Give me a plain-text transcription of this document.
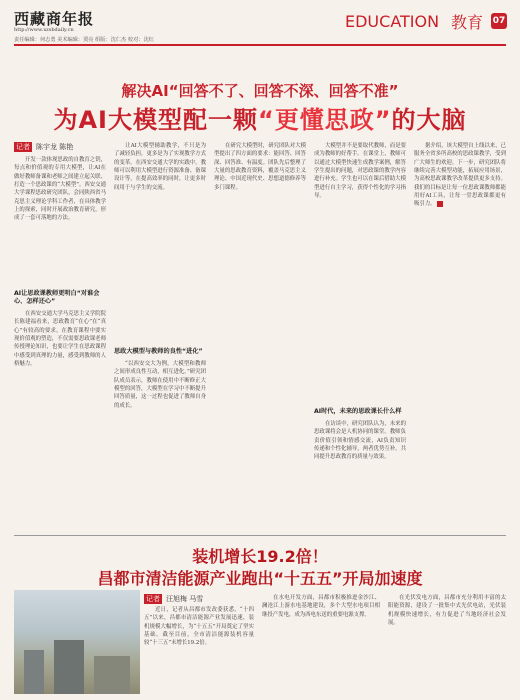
西藏商年报
http://www.xzsbdaily.cn
责任编辑：何志勇 美术编辑：贾亮 组版：沈仁杰 校对：沈红
EDUCATION 教育 07
解决AI“回答不了、回答不深、回答不准”
为AI大模型配一颗“更懂思政”的大脑
记者 陈宇龙 陈艳

开发一款体现思政的自教育之钥，每点和价值观的专用大模型，让AI在做好教师备课和老师之间建立起关联、打造一个思政课的“大模型”。西安交通大学课程思政研究团队，会同陕西省马克思主义理论学科工作者，在具体教学上的探索，同时开展政治教育研究，形成了一套可落地的方法。

AI让思政课教师更明白“对谁会心、怎样还心”

在西安交通大学马克思主义学院院长陈建福看来，思政教育“在心”在“真心”有较高的要求。在教育课程中要实现价值观的塑造，不仅需要思政课老师传授理论知识，也要让学生在思政课程中感受到真理的力量，感受到教师的人格魅力。

让AI大模型辅助教学，不只是为了减轻负担，更多是为了实现教学方式的变革。在西安交通大学的实践中，教师可以利用大模型进行资源准备、备课设计等，在提高效率的同时，让更多时间用于与学生的交流。

思政大模型与教师的良性“进化”

“以西安交大为例，大模型和教师之间形成良性互动，相互进化。”研究团队成员表示，教师在使用中不断修正大模型的回答，大模型在学习中不断提升回答质量，这一过程也促进了教师自身的成长。

在研究大模型时，研究团队对大模型提出了四方面的要求：能回答、回答深、回答准、有温度。团队先后整理了大量的思政教育资料，覆盖马克思主义理论、中国近现代史、思想道德修养等多门课程。

大模型并不是要取代教师，而是要成为教师的好帮手。在课堂上，教师可以通过大模型快速生成教学案例，解答学生提出的问题，对思政课的教学内容进行补充。学生也可以在课后借助大模型进行自主学习，获得个性化的学习指导。

AI时代，未来的思政课长什么样

在访谈中，研究团队认为，未来的思政课将会是人机协同的课堂。教师负责价值引领和情感交流，AI负责知识传递和个性化辅导，两者优势互补，共同提升思政教育的质量与效果。

据介绍，该大模型自上线以来，已服务全省多所高校的思政课教学，受到广大师生的欢迎。下一步，研究团队将继续完善大模型功能，拓展应用场景，为高校思政课教学改革提供更多支持。我们的目标是让每一位思政课教师都能用好AI工具，让每一堂思政课都更有吸引力。

装机增长19.2倍！
昌都市清洁能源产业跑出“十五五”开局加速度
记者 汪旭梅 马雪

近日，记者从昌都市发改委获悉，“十四五”以来，昌都市清洁能源产业发展迅速，装机规模大幅增长，为“十五五”开局奠定了坚实基础。截至目前，全市清洁能源装机容量较“十三五”末增长19.2倍。

在水电开发方面，昌都市积极推进金沙江、澜沧江上游水电基地建设，多个大型水电项目相继投产发电，成为西电东送的重要电源支撑。

在光伏发电方面，昌都市充分利用丰富的太阳能资源，建设了一批集中式光伏电站，光伏装机规模快速增长，有力促进了当地经济社会发展。
